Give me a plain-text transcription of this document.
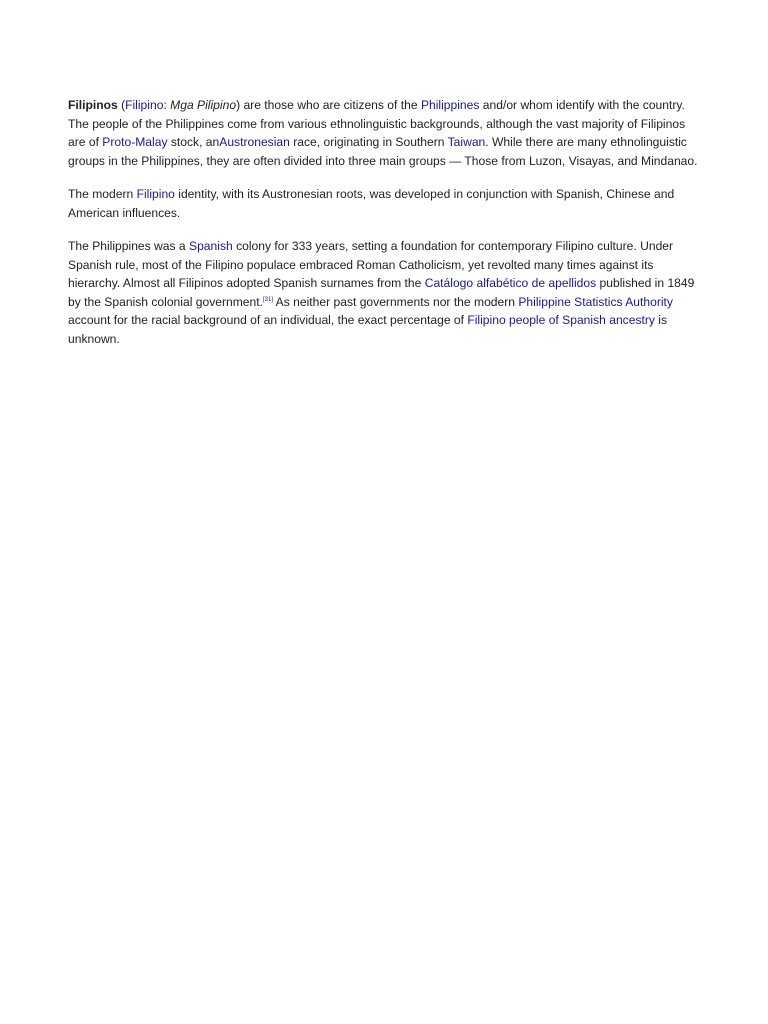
Filipinos (Filipino: Mga Pilipino) are those who are citizens of the Philippines and/or whom identify with the country. The people of the Philippines come from various ethnolinguistic backgrounds, although the vast majority of Filipinos are of Proto-Malay stock, anAustronesian race, originating in Southern Taiwan. While there are many ethnolinguistic groups in the Philippines, they are often divided into three main groups — Those from Luzon, Visayas, and Mindanao.

The modern Filipino identity, with its Austronesian roots, was developed in conjunction with Spanish, Chinese and American influences.

The Philippines was a Spanish colony for 333 years, setting a foundation for contemporary Filipino culture. Under Spanish rule, most of the Filipino populace embraced Roman Catholicism, yet revolted many times against its hierarchy. Almost all Filipinos adopted Spanish surnames from the Catálogo alfabético de apellidos published in 1849 by the Spanish colonial government.[31] As neither past governments nor the modern Philippine Statistics Authority account for the racial background of an individual, the exact percentage of Filipino people of Spanish ancestry is unknown.
